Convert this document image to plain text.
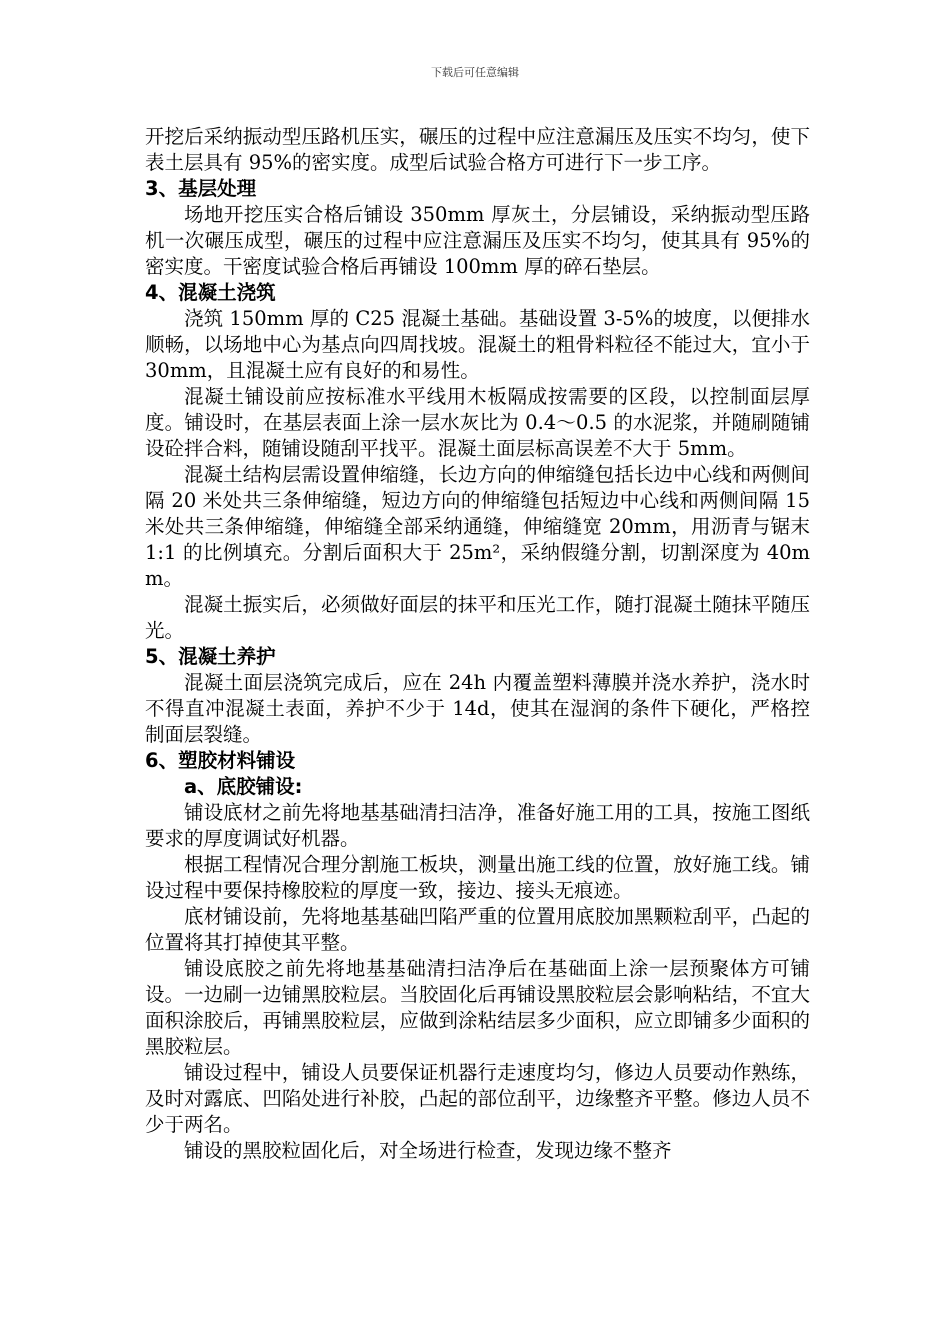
下载后可任意编辑

开挖后采纳振动型压路机压实，碾压的过程中应注意漏压及压实不均匀，使下表土层具有 95%的密实度。成型后试验合格方可进行下一步工序。

3、基层处理

场地开挖压实合格后铺设 350mm 厚灰土，分层铺设，采纳振动型压路机一次碾压成型，碾压的过程中应注意漏压及压实不均匀，使其具有 95%的密实度。干密度试验合格后再铺设 100mm 厚的碎石垫层。

4、混凝土浇筑

浇筑 150mm 厚的 C25 混凝土基础。基础设置 3-5%的坡度，以便排水顺畅，以场地中心为基点向四周找坡。混凝土的粗骨料粒径不能过大，宜小于 30mm，且混凝土应有良好的和易性。

混凝土铺设前应按标准水平线用木板隔成按需要的区段，以控制面层厚度。铺设时，在基层表面上涂一层水灰比为 0.4～0.5 的水泥浆，并随刷随铺设砼拌合料，随铺设随刮平找平。混凝土面层标高误差不大于 5mm。

混凝土结构层需设置伸缩缝，长边方向的伸缩缝包括长边中心线和两侧间隔 20 米处共三条伸缩缝，短边方向的伸缩缝包括短边中心线和两侧间隔 15 米处共三条伸缩缝，伸缩缝全部采纳通缝，伸缩缝宽 20mm，用沥青与锯末 1:1 的比例填充。分割后面积大于 25m²，采纳假缝分割，切割深度为 40mm。

混凝土振实后，必须做好面层的抹平和压光工作，随打混凝土随抹平随压光。

5、混凝土养护

混凝土面层浇筑完成后，应在 24h 内覆盖塑料薄膜并浇水养护，浇水时不得直冲混凝土表面，养护不少于 14d，使其在湿润的条件下硬化，严格控制面层裂缝。

6、塑胶材料铺设
a、底胶铺设:

铺设底材之前先将地基基础清扫洁净，准备好施工用的工具，按施工图纸要求的厚度调试好机器。

根据工程情况合理分割施工板块，测量出施工线的位置，放好施工线。铺设过程中要保持橡胶粒的厚度一致，接边、接头无痕迹。

底材铺设前，先将地基基础凹陷严重的位置用底胶加黑颗粒刮平，凸起的位置将其打掉使其平整。

铺设底胶之前先将地基基础清扫洁净后在基础面上涂一层预聚体方可铺设。一边刷一边铺黑胶粒层。当胶固化后再铺设黑胶粒层会影响粘结，不宜大面积涂胶后，再铺黑胶粒层，应做到涂粘结层多少面积，应立即铺多少面积的黑胶粒层。

铺设过程中，铺设人员要保证机器行走速度均匀，修边人员要动作熟练，及时对露底、凹陷处进行补胶，凸起的部位刮平，边缘整齐平整。修边人员不少于两名。

铺设的黑胶粒固化后，对全场进行检查，发现边缘不整齐
